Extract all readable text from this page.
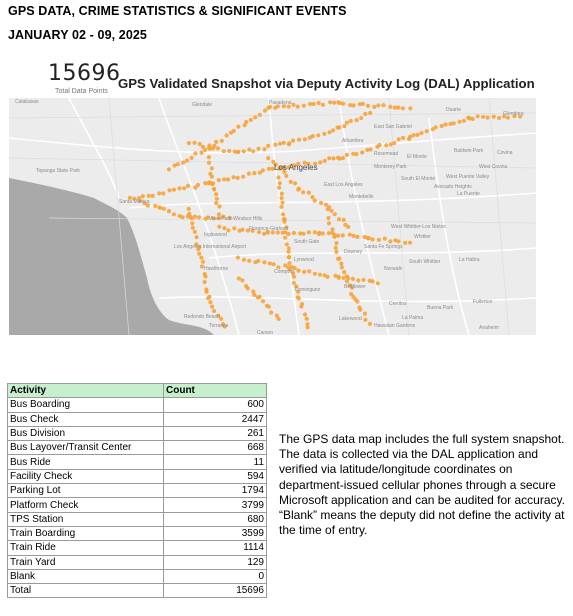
GPS DATA, CRIME STATISTICS & SIGNIFICANT EVENTS
JANUARY 02 - 09, 2025
15696
Total Data Points
GPS Validated Snapshot via Deputy Activity Log (DAL) Application
Glendale	Pasadena
Duarte
Glendora
Los Angeles
Alhambra
East San Gabriel
Rosemead El Monte
Baldwin Park	Covina
Monterey Park
South El Monte West Puente Valley
Avocado Heights
Santa Monica
East Los Angeles
Montebello
View Park-Windsor Hills
Inglewood
Florence-Graham
South Gate
Downey
La Puente
West Whittier-Los Nietos
South Whittier
Norwalk
La Habra
Los Angeles International Airport
Hawthorne	Compton
Lynwood
Bellflower
Cerritos
Buena Park
Fullerton
Redondo Beach
Torrance
Carson
Lakewood	La Palma
Anaheim
Calabasas
Topanga State Park
West Covina
Dominguez
Hawaiian Gardens
Santa Fe Springs
Whittier
Activity	Count
Bus Boarding	600
Bus Check	2447
Bus Division	261
Bus Layover/Transit Center	668
Bus Ride	11
Facility Check	594
Parking Lot	1794
Platform Check	3799
TPS Station	680
Train Boarding	3599
Train Ride	1114
Train Yard	129
Blank	0
Total	15696
The GPS data map includes the full system snapshot. The data is collected via the DAL application and verified via latitude/longitude coordinates on department-issued cellular phones through a secure Microsoft application and can be audited for accuracy. “Blank” means the deputy did not define the activity at the time of entry.
